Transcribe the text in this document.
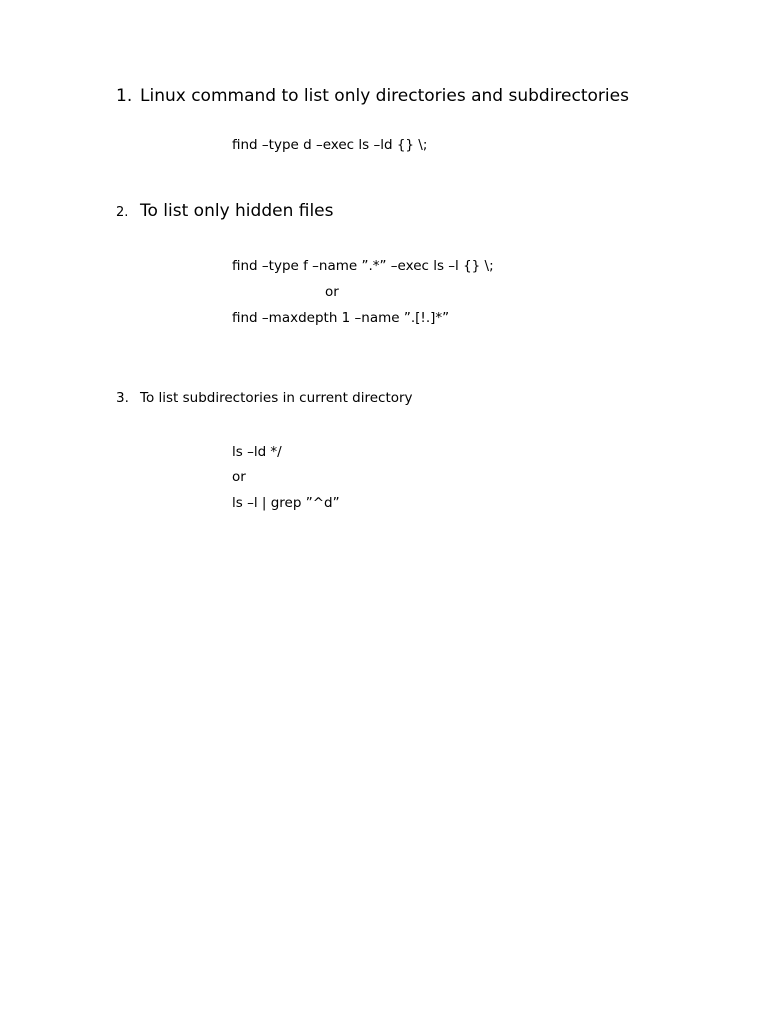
1. Linux command to list only directories and subdirectories
find –type d –exec ls –ld {} \;
2. To list only hidden files
find –type f –name ”.*” –exec ls –l {} \;
or
find –maxdepth 1 –name ”.[!.]*”
3. To list subdirectories in current directory
ls –ld */
or
ls –l | grep ”^d”
